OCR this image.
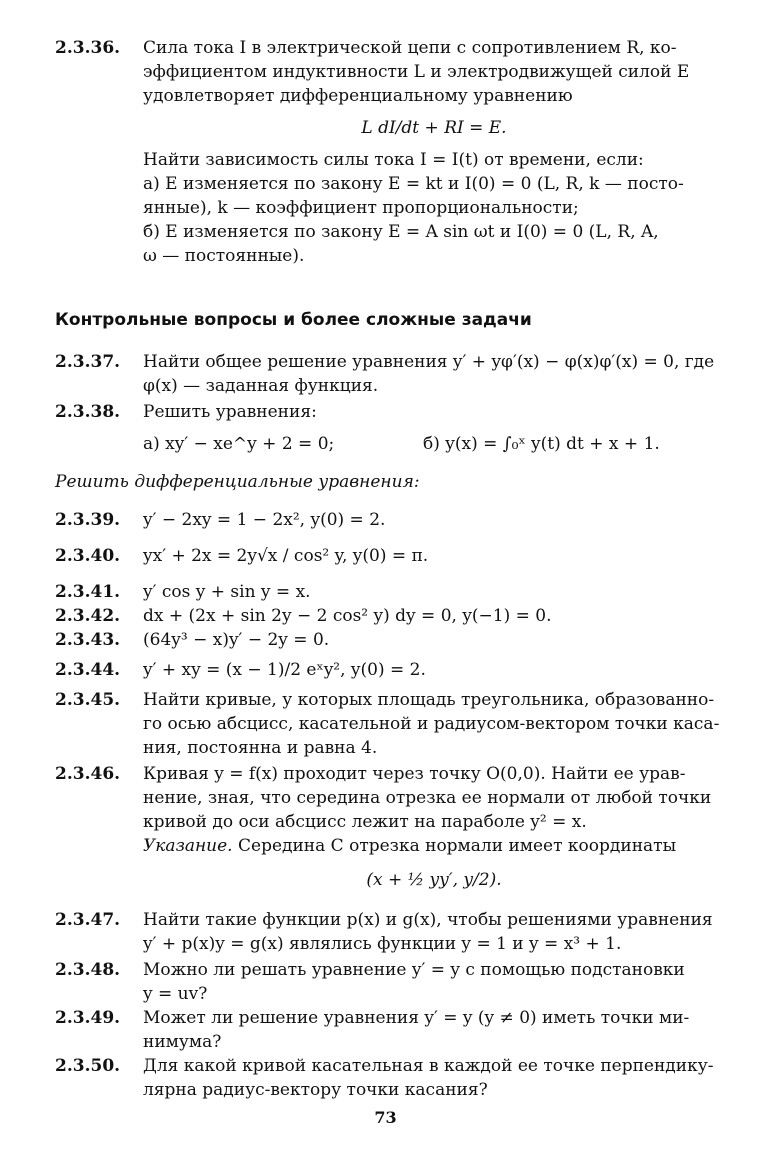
2.3.36.	Сила тока I в электрической цепи с сопротивлением R, ко-
эффициентом индуктивности L и электродвижущей силой E
удовлетворяет дифференциальному уравнению
L dI/dt + RI = E.
Найти зависимость силы тока I = I(t) от времени, если:
а) E изменяется по закону E = kt и I(0) = 0 (L, R, k — посто-
янные), k — коэффициент пропорциональности;
б) E изменяется по закону E = A sin ωt и I(0) = 0 (L, R, A,
ω — постоянные).
Контрольные вопросы и более сложные задачи
2.3.37.	Найти общее решение уравнения y′ + yφ′(x) − φ(x)φ′(x) = 0, где
φ(x) — заданная функция.
2.3.38.	Решить уравнения:
а) xy′ − xe^y + 2 = 0;	б) y(x) = ∫₀ˣ y(t) dt + x + 1.
Решить дифференциальные уравнения:
2.3.39.	y′ − 2xy = 1 − 2x², y(0) = 2.
2.3.40.	yx′ + 2x = 2y√x / cos² y, y(0) = π.
2.3.41.	y′ cos y + sin y = x.
2.3.42.	dx + (2x + sin 2y − 2 cos² y) dy = 0, y(−1) = 0.
2.3.43.	(64y³ − x)y′ − 2y = 0.
2.3.44.	y′ + xy = (x − 1)/2 eˣy², y(0) = 2.
2.3.45.	Найти кривые, у которых площадь треугольника, образованно-
го осью абсцисс, касательной и радиусом-вектором точки каса-
ния, постоянна и равна 4.
2.3.46.	Кривая y = f(x) проходит через точку O(0,0). Найти ее урав-
нение, зная, что середина отрезка ее нормали от любой точки
кривой до оси абсцисс лежит на параболе y² = x.
Указание. Середина C отрезка нормали имеет координаты
(x + ½ yy′, y/2).
2.3.47.	Найти такие функции p(x) и g(x), чтобы решениями уравнения
y′ + p(x)y = g(x) являлись функции y = 1 и y = x³ + 1.
2.3.48.	Можно ли решать уравнение y′ = y с помощью подстановки
y = uv?
2.3.49.	Может ли решение уравнения y′ = y (y ≠ 0) иметь точки ми-
нимума?
2.3.50.	Для какой кривой касательная в каждой ее точке перпендику-
лярна радиус-вектору точки касания?
73
